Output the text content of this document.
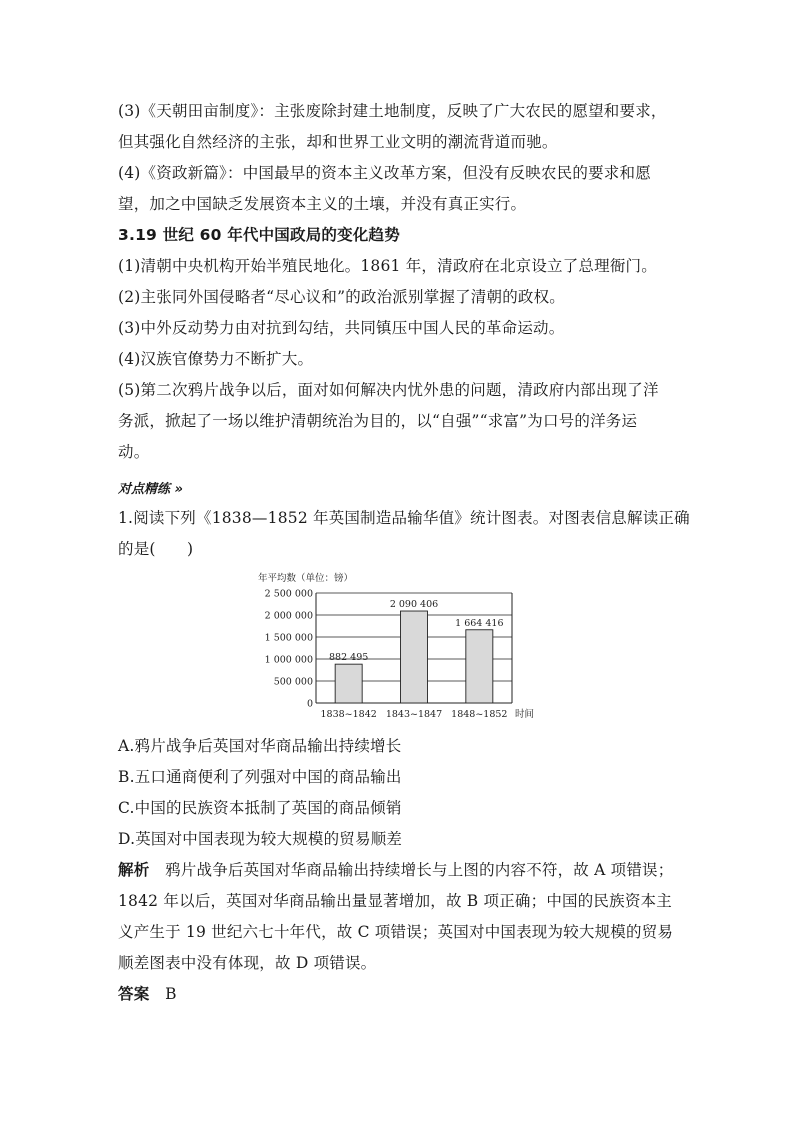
(3)《天朝田亩制度》：主张废除封建土地制度，反映了广大农民的愿望和要求，

但其强化自然经济的主张，却和世界工业文明的潮流背道而驰。

(4)《资政新篇》：中国最早的资本主义改革方案，但没有反映农民的要求和愿

望，加之中国缺乏发展资本主义的土壤，并没有真正实行。

3.19 世纪 60 年代中国政局的变化趋势

(1)清朝中央机构开始半殖民地化。1861 年，清政府在北京设立了总理衙门。

(2)主张同外国侵略者“尽心议和”的政治派别掌握了清朝的政权。

(3)中外反动势力由对抗到勾结，共同镇压中国人民的革命运动。

(4)汉族官僚势力不断扩大。

(5)第二次鸦片战争以后，面对如何解决内忧外患的问题，清政府内部出现了洋

务派，掀起了一场以维护清朝统治为目的，以“自强”“求富”为口号的洋务运

动。

对点精练 »

1.阅读下列《1838—1852 年英国制造品输华值》统计图表。对图表信息解读正确

的是(　　)

年平均数（单位：镑）
0
500 000
1 000 000
1 500 000
2 000 000
2 500 000
882 495
1838~1842
2 090 406
1843~1847
1 664 416
1848~1852 时间

A.鸦片战争后英国对华商品输出持续增长

B.五口通商便利了列强对中国的商品输出

C.中国的民族资本抵制了英国的商品倾销

D.英国对中国表现为较大规模的贸易顺差

解析　 鸦片战争后英国对华商品输出持续增长与上图的内容不符，故 A 项错误；

1842 年以后，英国对华商品输出量显著增加，故 B 项正确；中国的民族资本主

义产生于 19 世纪六七十年代，故 C 项错误；英国对中国表现为较大规模的贸易

顺差图表中没有体现，故 D 项错误。

答案　 B
